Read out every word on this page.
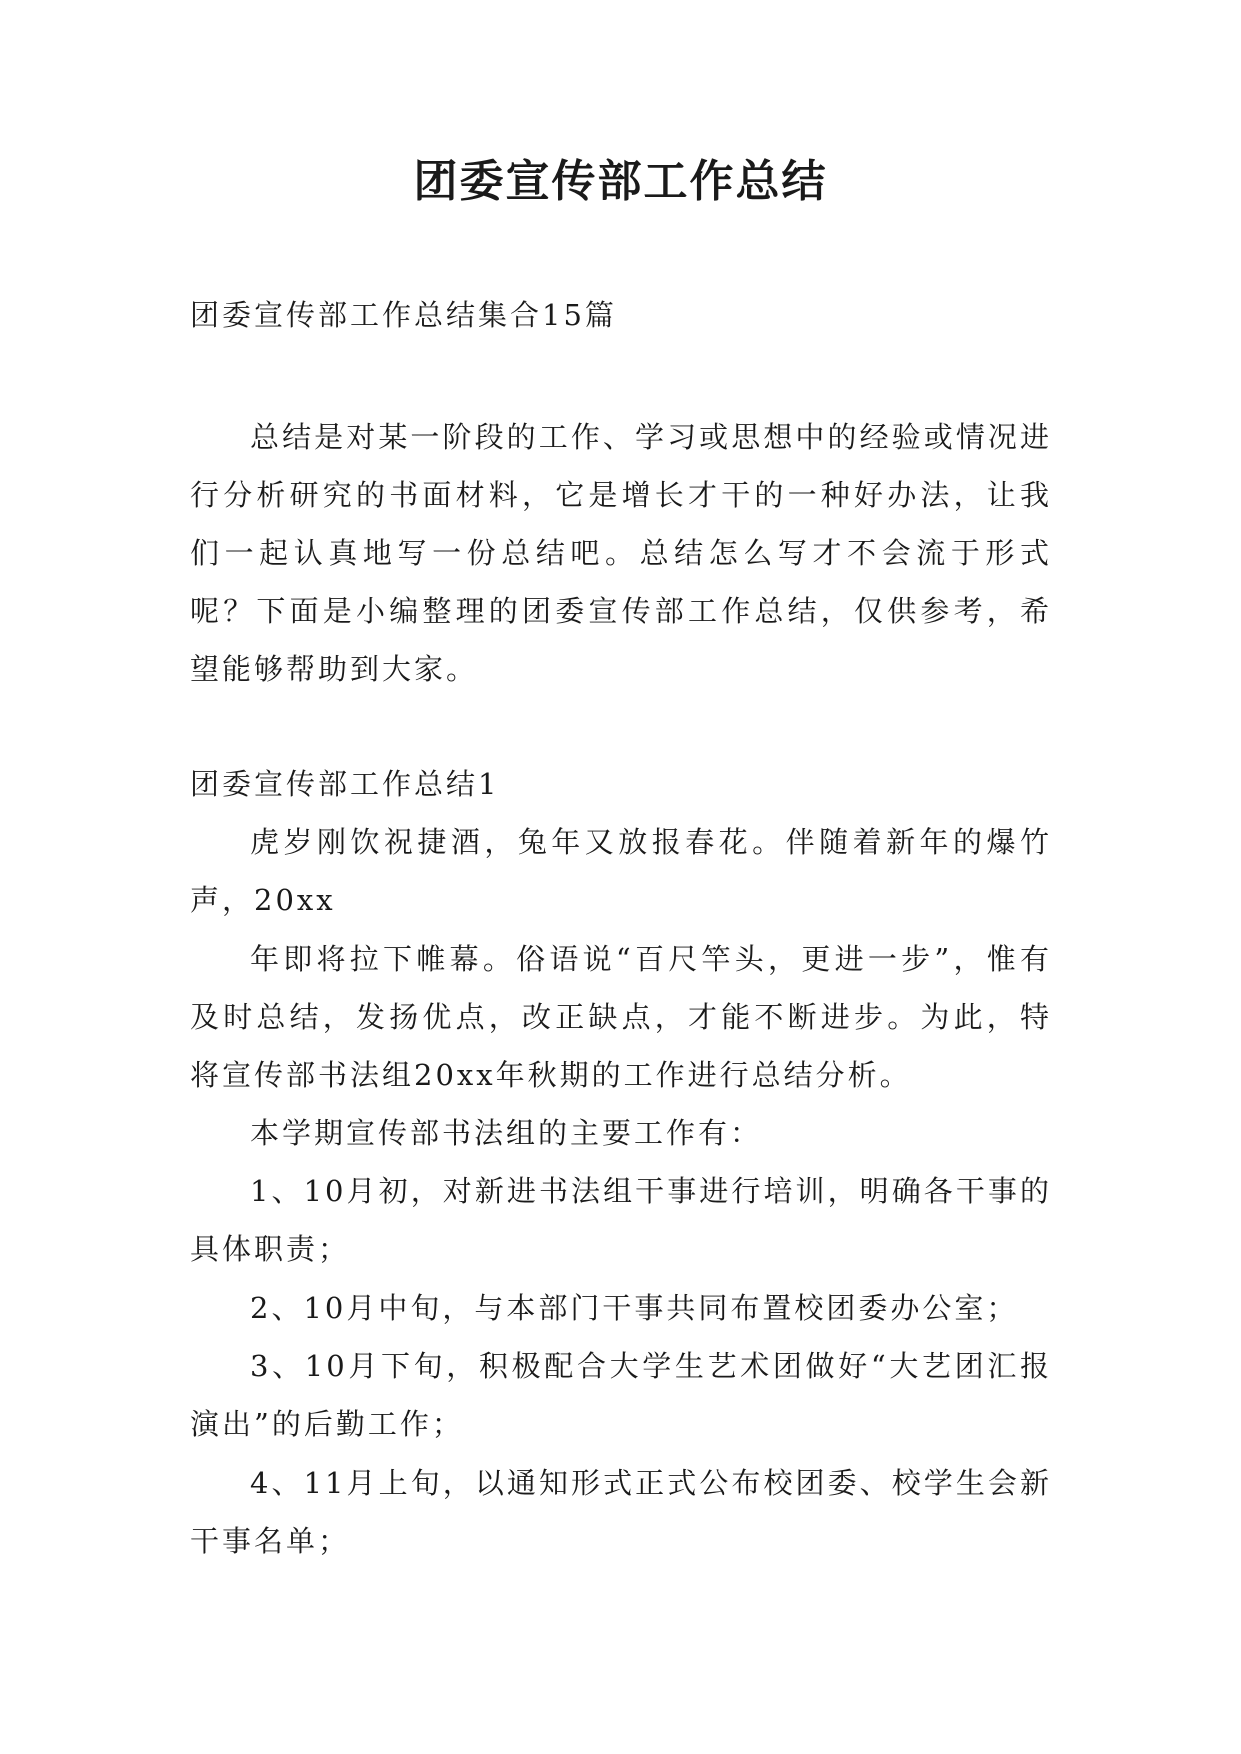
团委宣传部工作总结

团委宣传部工作总结集合15篇

总结是对某一阶段的工作、学习或思想中的经验或情况进行分析研究的书面材料，它是增长才干的一种好办法，让我们一起认真地写一份总结吧。总结怎么写才不会流于形式呢？下面是小编整理的团委宣传部工作总结，仅供参考，希望能够帮助到大家。

团委宣传部工作总结1

虎岁刚饮祝捷酒，兔年又放报春花。伴随着新年的爆竹声，20xx

年即将拉下帷幕。俗语说“百尺竿头，更进一步”，惟有及时总结，发扬优点，改正缺点，才能不断进步。为此，特将宣传部书法组20xx年秋期的工作进行总结分析。

本学期宣传部书法组的主要工作有：

1、10月初，对新进书法组干事进行培训，明确各干事的具体职责；

2、10月中旬，与本部门干事共同布置校团委办公室；

3、10月下旬，积极配合大学生艺术团做好“大艺团汇报演出”的后勤工作；

4、11月上旬，以通知形式正式公布校团委、校学生会新干事名单；
